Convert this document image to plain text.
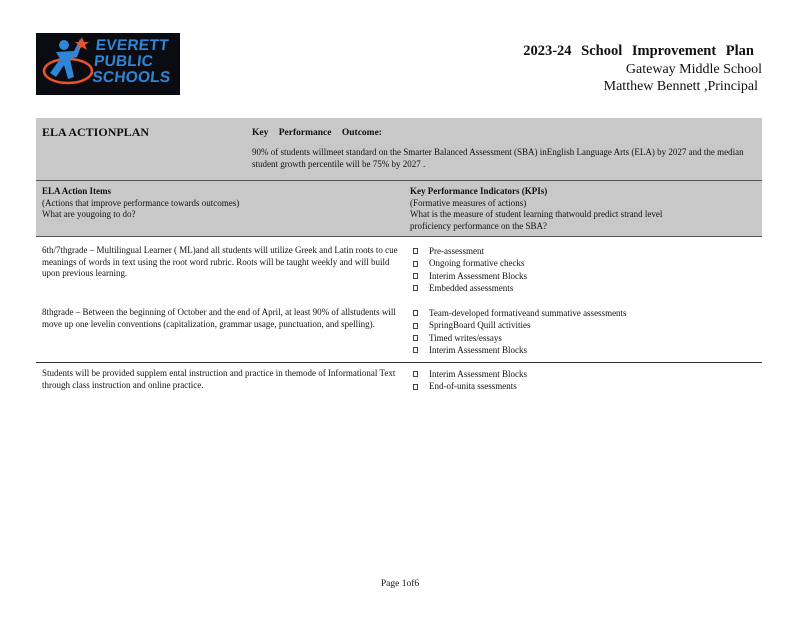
EVERETT
PUBLIC
SCHOOLS
2023-24 School Improvement Plan
Gateway Middle School
Matthew Bennett ,Principal
ELA ACTIONPLAN	Key Performance Outcome:
90% of students willmeet standard on the Smarter Balanced Assessment (SBA) inEnglish Language Arts (ELA) by 2027 and the median student growth percentile will be 75% by 2027 .
ELA Action Items
(Actions that improve performance towards outcomes)
What are yougoing to do?
Key Performance Indicators (KPIs)
(Formative measures of actions)
What is the measure of student learning thatwould predict strand level
proficiency performance on the SBA?
6th/7thgrade – Multilingual Learner ( ML)and all students will utilize Greek and Latin roots to cue meanings of words in text using the root word rubric. Roots will be taught weekly and will build upon previous learning.
Pre-assessment
Ongoing formative checks
Interim Assessment Blocks
Embedded assessments
8thgrade – Between the beginning of October and the end of April, at least 90% of allstudents will move up one levelin conventions (capitalization, grammar usage, punctuation, and spelling).
Team-developed formativeand summative assessments
SpringBoard Quill activities
Timed writes/essays
Interim Assessment Blocks
Students will be provided supplem ental instruction and practice in themode of Informational Text through class instruction and online practice.
Interim Assessment Blocks
End-of-unita ssessments
Page 1of6
